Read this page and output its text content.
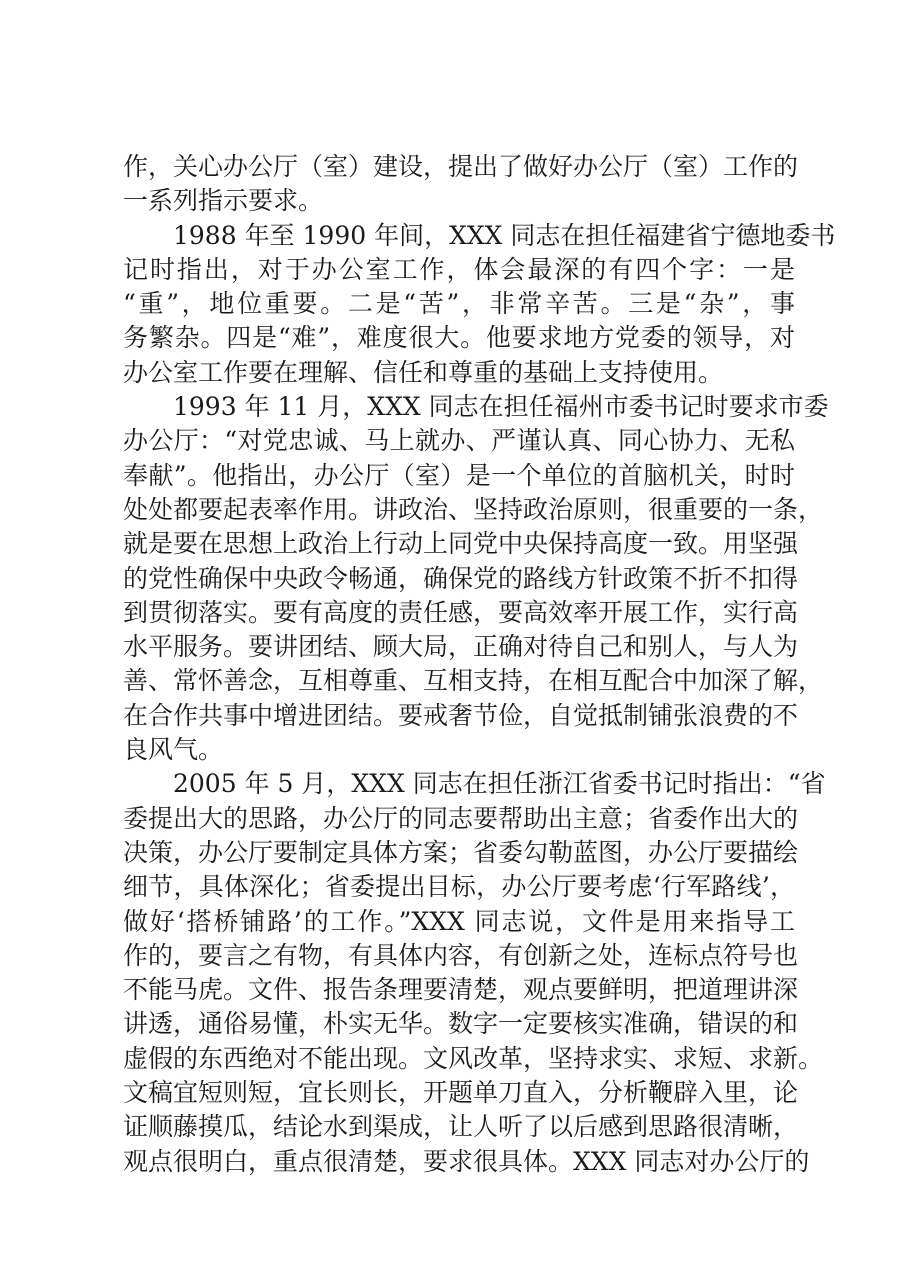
作，关心办公厅（室）建设，提出了做好办公厅（室）工作的
一系列指示要求。
1988 年至 1990 年间，XXX 同志在担任福建省宁德地委书
记时指出，对于办公室工作，体会最深的有四个字：一是
“重”，地位重要。二是“苦”，非常辛苦。三是“杂”，事
务繁杂。四是“难”，难度很大。他要求地方党委的领导，对
办公室工作要在理解、信任和尊重的基础上支持使用。
1993 年 11 月，XXX 同志在担任福州市委书记时要求市委
办公厅：“对党忠诚、马上就办、严谨认真、同心协力、无私
奉献”。他指出，办公厅（室）是一个单位的首脑机关，时时
处处都要起表率作用。讲政治、坚持政治原则，很重要的一条，
就是要在思想上政治上行动上同党中央保持高度一致。用坚强
的党性确保中央政令畅通，确保党的路线方针政策不折不扣得
到贯彻落实。要有高度的责任感，要高效率开展工作，实行高
水平服务。要讲团结、顾大局，正确对待自己和别人，与人为
善、常怀善念，互相尊重、互相支持，在相互配合中加深了解，
在合作共事中增进团结。要戒奢节俭，自觉抵制铺张浪费的不
良风气。
2005 年 5 月，XXX 同志在担任浙江省委书记时指出：“省
委提出大的思路，办公厅的同志要帮助出主意；省委作出大的
决策，办公厅要制定具体方案；省委勾勒蓝图，办公厅要描绘
细节，具体深化；省委提出目标，办公厅要考虑‘行军路线’，
做好‘搭桥铺路’的工作。”XXX 同志说，文件是用来指导工
作的，要言之有物，有具体内容，有创新之处，连标点符号也
不能马虎。文件、报告条理要清楚，观点要鲜明，把道理讲深
讲透，通俗易懂，朴实无华。数字一定要核实准确，错误的和
虚假的东西绝对不能出现。文风改革，坚持求实、求短、求新。
文稿宜短则短，宜长则长，开题单刀直入，分析鞭辟入里，论
证顺藤摸瓜，结论水到渠成，让人听了以后感到思路很清晰，
观点很明白，重点很清楚，要求很具体。XXX 同志对办公厅的
